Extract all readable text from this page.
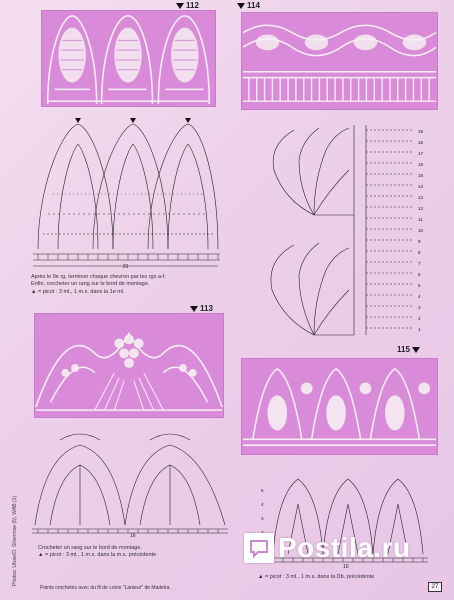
112
21
Après le 9e rg, terminer chaque chevron par les rgs a-f.
Enfin, crocheter un rang sur le bord de montage.
▲ = picot : 3 ml., 1 m.s. dans la 1e ml.
114
19
18
17
16
15
14
13
12
11
10
9
8
7
6
5
4
3
2
1
113
16
Crocheter un rang sur le bord de montage.
▲ = picot : 3 ml., 1 m.s. dans la m.s. précédente
115
5
4
3
10
▲ = picot : 3 ml., 1 m.s. dans la Db. précédente
Points crochetés avec du fil de coton "Lanieur" de Madeira.
Photos: Ulsse/O. Silvermoe (5), WAB (1)
27
Postila.ru
